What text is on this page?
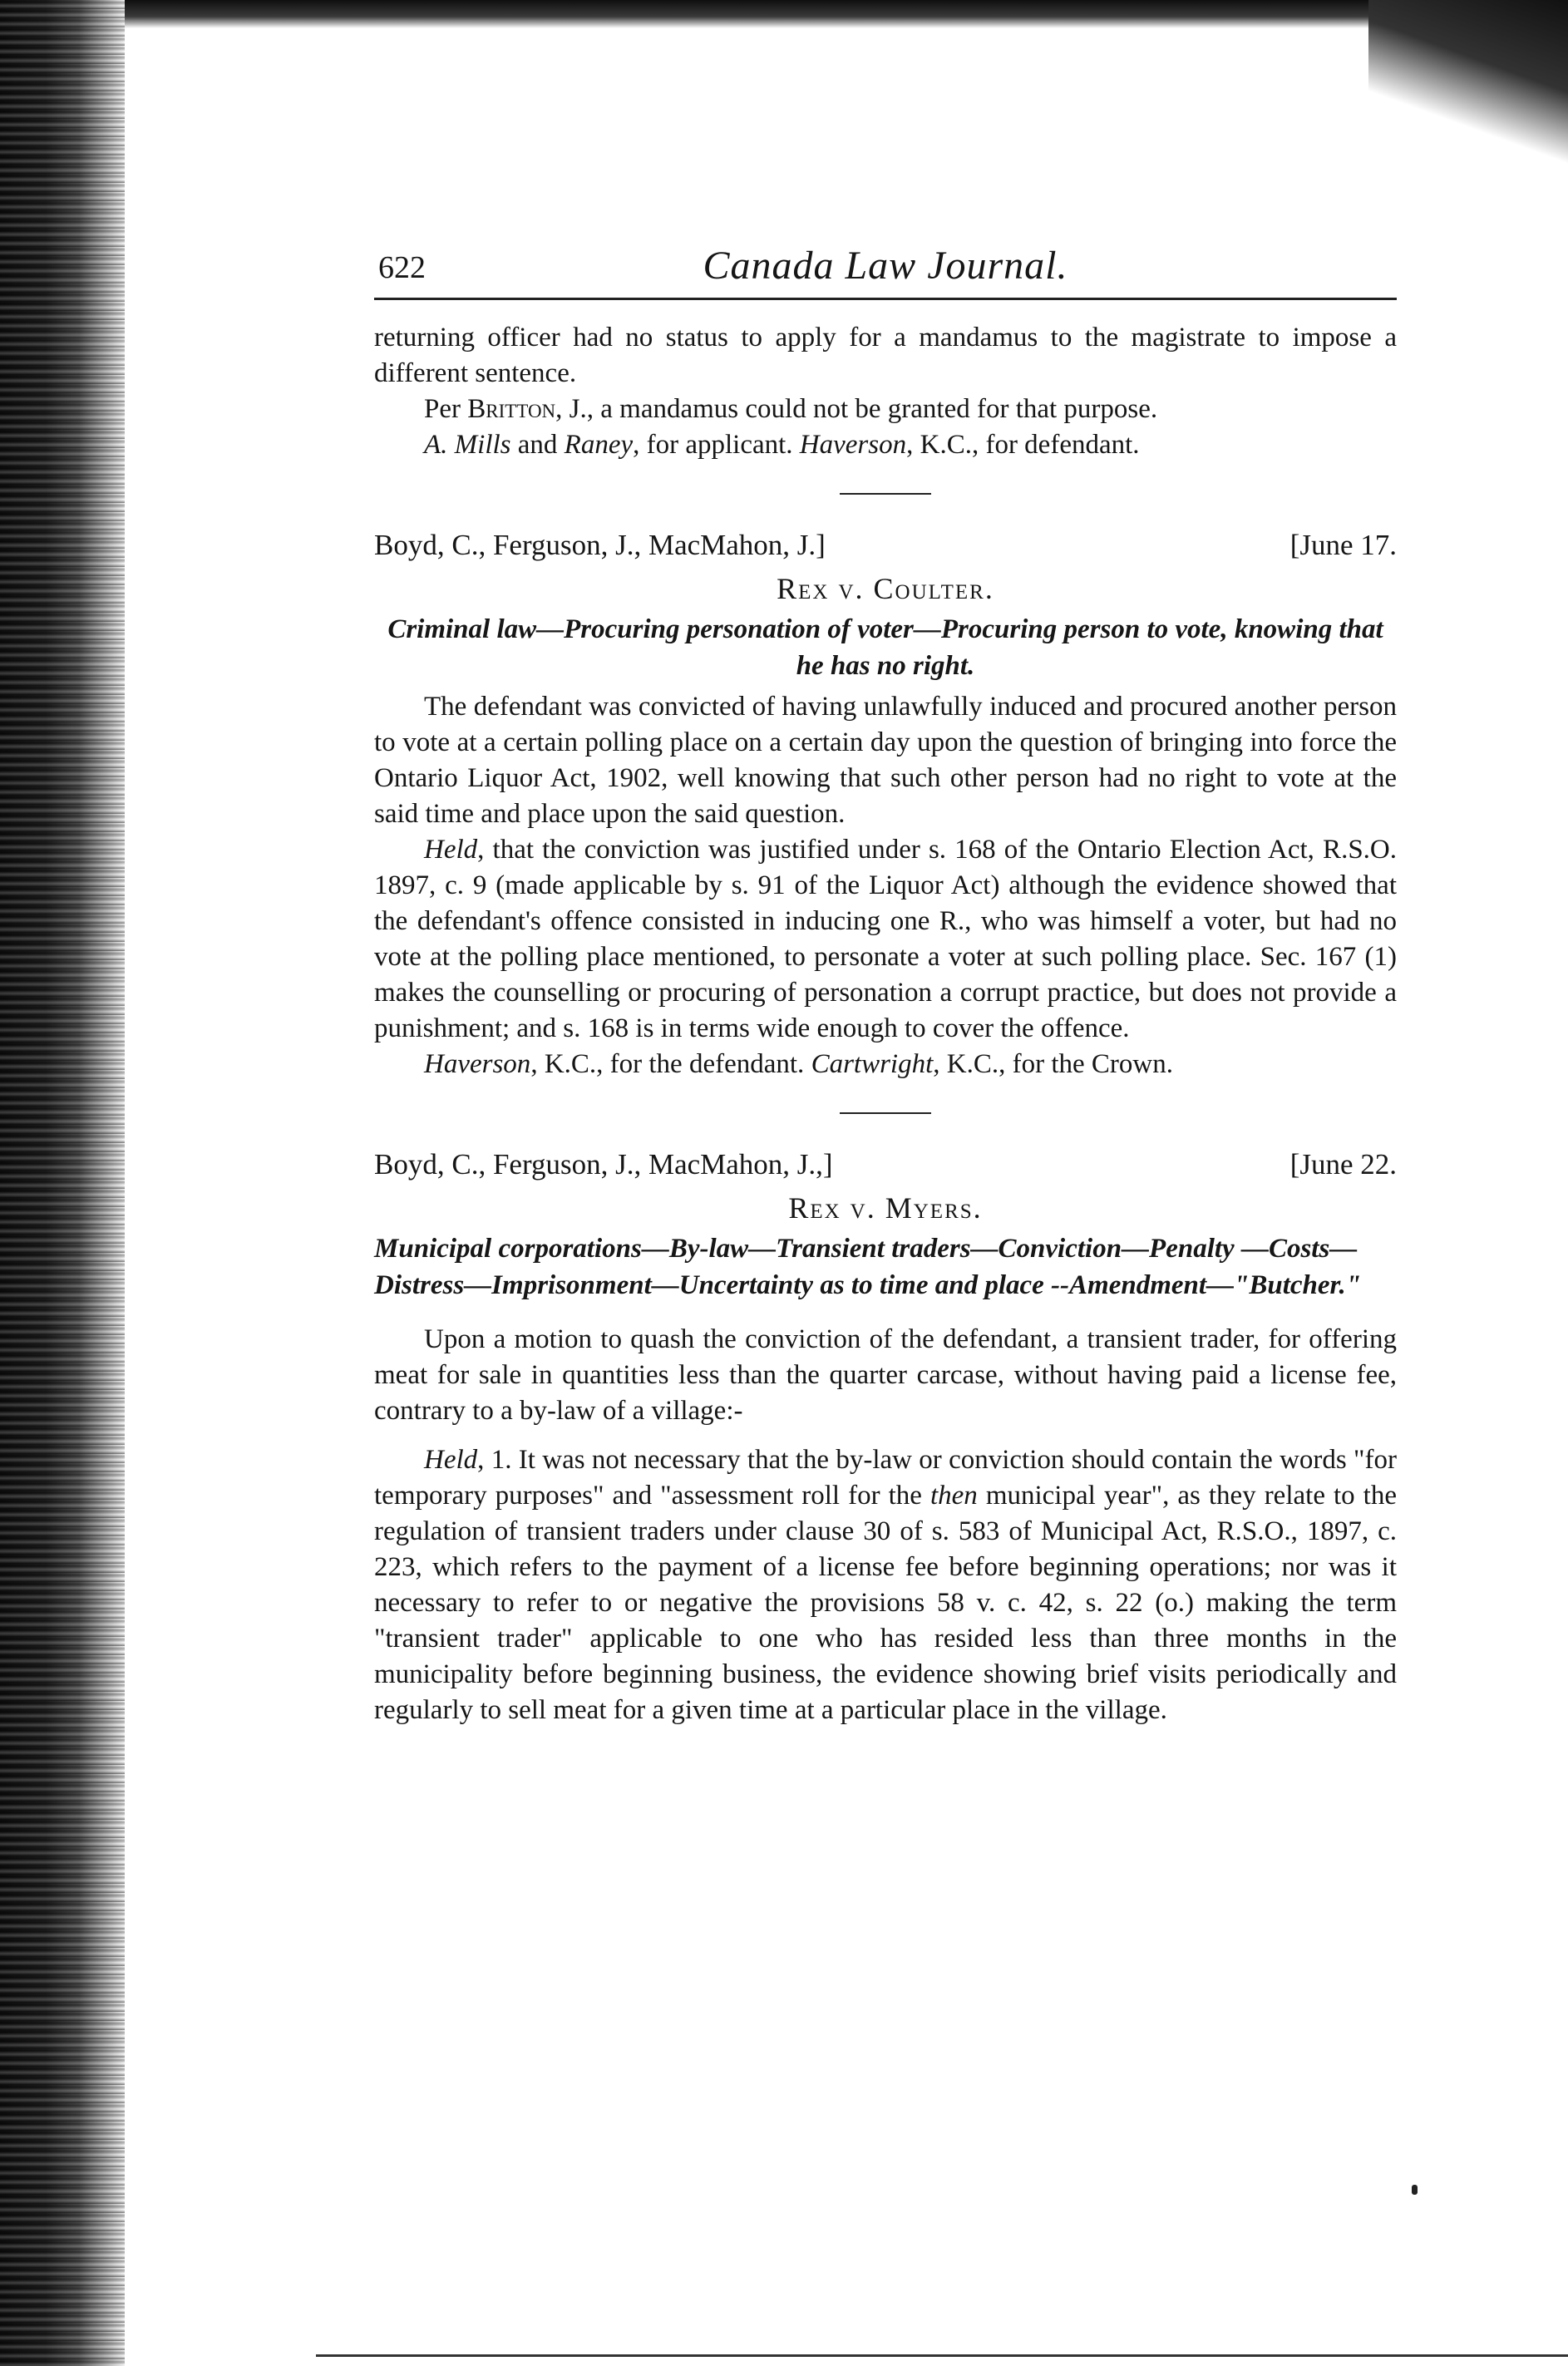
622	Canada Law Journal.

returning officer had no status to apply for a mandamus to the magistrate to impose a different sentence.

Per Britton, J., a mandamus could not be granted for that purpose.

A. Mills and Raney, for applicant. Haverson, K.C., for defendant.

Boyd, C., Ferguson, J., MacMahon, J.]	[June 17.
Rex v. Coulter.
Criminal law—Procuring personation of voter—Procuring person to vote, knowing that he has no right.

The defendant was convicted of having unlawfully induced and procured another person to vote at a certain polling place on a certain day upon the question of bringing into force the Ontario Liquor Act, 1902, well knowing that such other person had no right to vote at the said time and place upon the said question.

Held, that the conviction was justified under s. 168 of the Ontario Election Act, R.S.O. 1897, c. 9 (made applicable by s. 91 of the Liquor Act) although the evidence showed that the defendant's offence consisted in inducing one R., who was himself a voter, but had no vote at the polling place mentioned, to personate a voter at such polling place. Sec. 167 (1) makes the counselling or procuring of personation a corrupt practice, but does not provide a punishment; and s. 168 is in terms wide enough to cover the offence.

Haverson, K.C., for the defendant. Cartwright, K.C., for the Crown.

Boyd, C., Ferguson, J., MacMahon, J.,]	[June 22.
Rex v. Myers.
Municipal corporations—By-law—Transient traders—Conviction—Penalty —Costs—Distress—Imprisonment—Uncertainty as to time and place --Amendment—"Butcher."

Upon a motion to quash the conviction of the defendant, a transient trader, for offering meat for sale in quantities less than the quarter carcase, without having paid a license fee, contrary to a by-law of a village:-

Held, 1. It was not necessary that the by-law or conviction should contain the words "for temporary purposes" and "assessment roll for the then municipal year", as they relate to the regulation of transient traders under clause 30 of s. 583 of Municipal Act, R.S.O., 1897, c. 223, which refers to the payment of a license fee before beginning operations; nor was it necessary to refer to or negative the provisions 58 v. c. 42, s. 22 (o.) making the term "transient trader" applicable to one who has resided less than three months in the municipality before beginning business, the evidence showing brief visits periodically and regularly to sell meat for a given time at a particular place in the village.
